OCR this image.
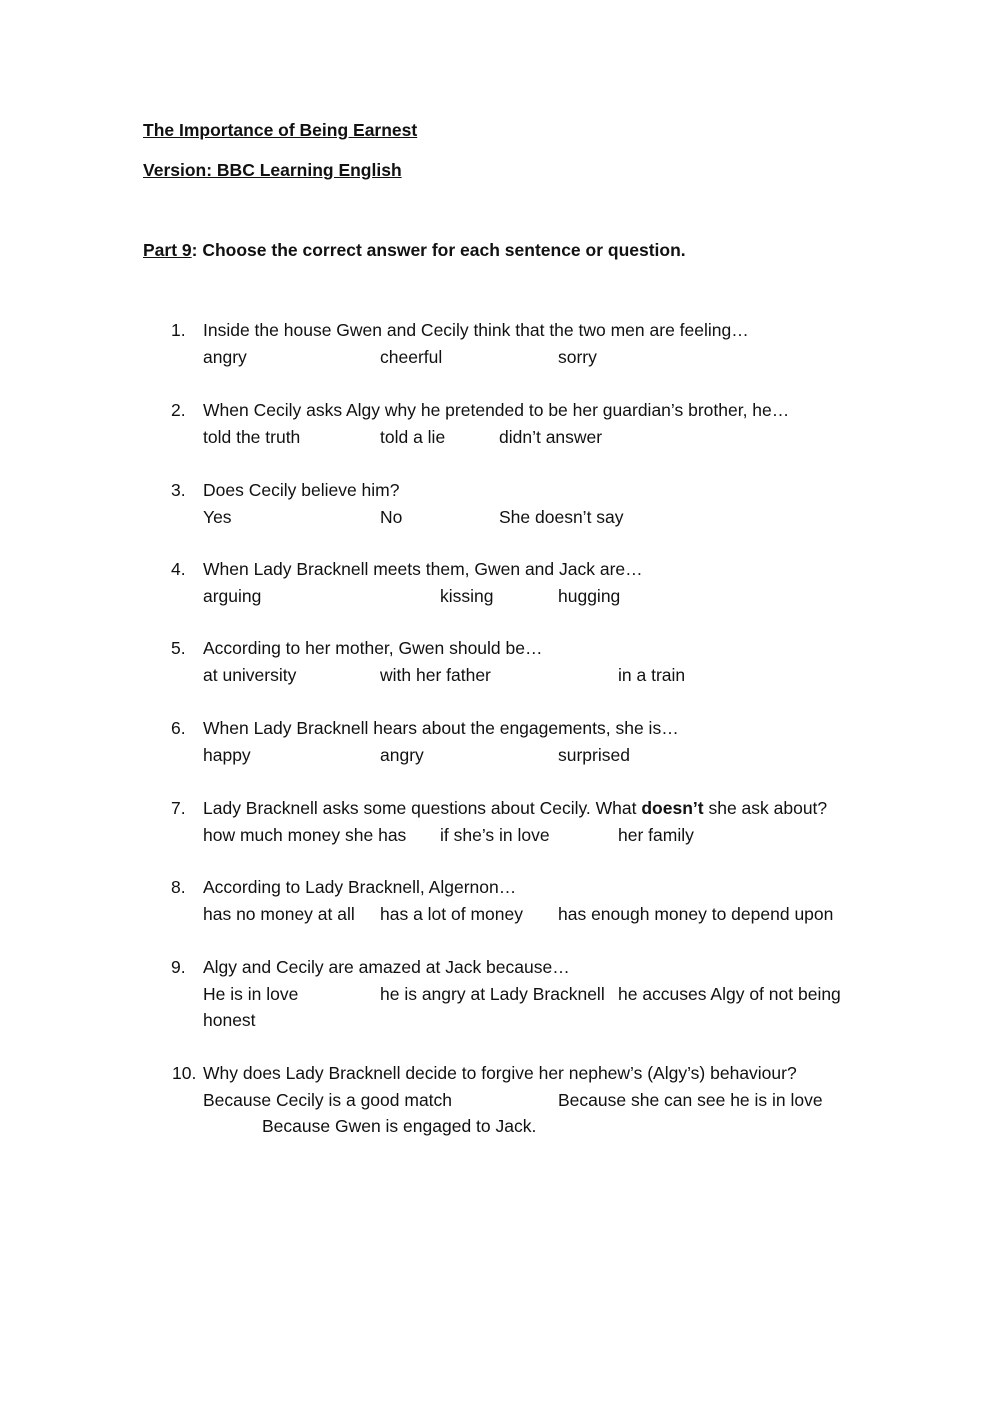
The Importance of Being Earnest
Version: BBC Learning English
Part 9: Choose the correct answer for each sentence or question.
1. Inside the house Gwen and Cecily think that the two men are feeling…
angry	cheerful	sorry
2. When Cecily asks Algy why he pretended to be her guardian’s brother, he…
told the truth	told a lie	didn’t answer
3. Does Cecily believe him?
Yes	No	She doesn’t say
4. When Lady Bracknell meets them, Gwen and Jack are…
arguing	kissing	hugging
5. According to her mother, Gwen should be…
at university	with her father	in a train
6. When Lady Bracknell hears about the engagements, she is…
happy	angry	surprised
7. Lady Bracknell asks some questions about Cecily. What doesn’t she ask about?
how much money she has if she’s in love	her family
8. According to Lady Bracknell, Algernon…
has no money at all has a lot of money has enough money to depend upon
9. Algy and Cecily are amazed at Jack because…
He is in love	he is angry at Lady Bracknell he accuses Algy of not being
honest
10. Why does Lady Bracknell decide to forgive her nephew’s (Algy’s) behaviour?
Because Cecily is a good match	Because she can see he is in love
Because Gwen is engaged to Jack.
